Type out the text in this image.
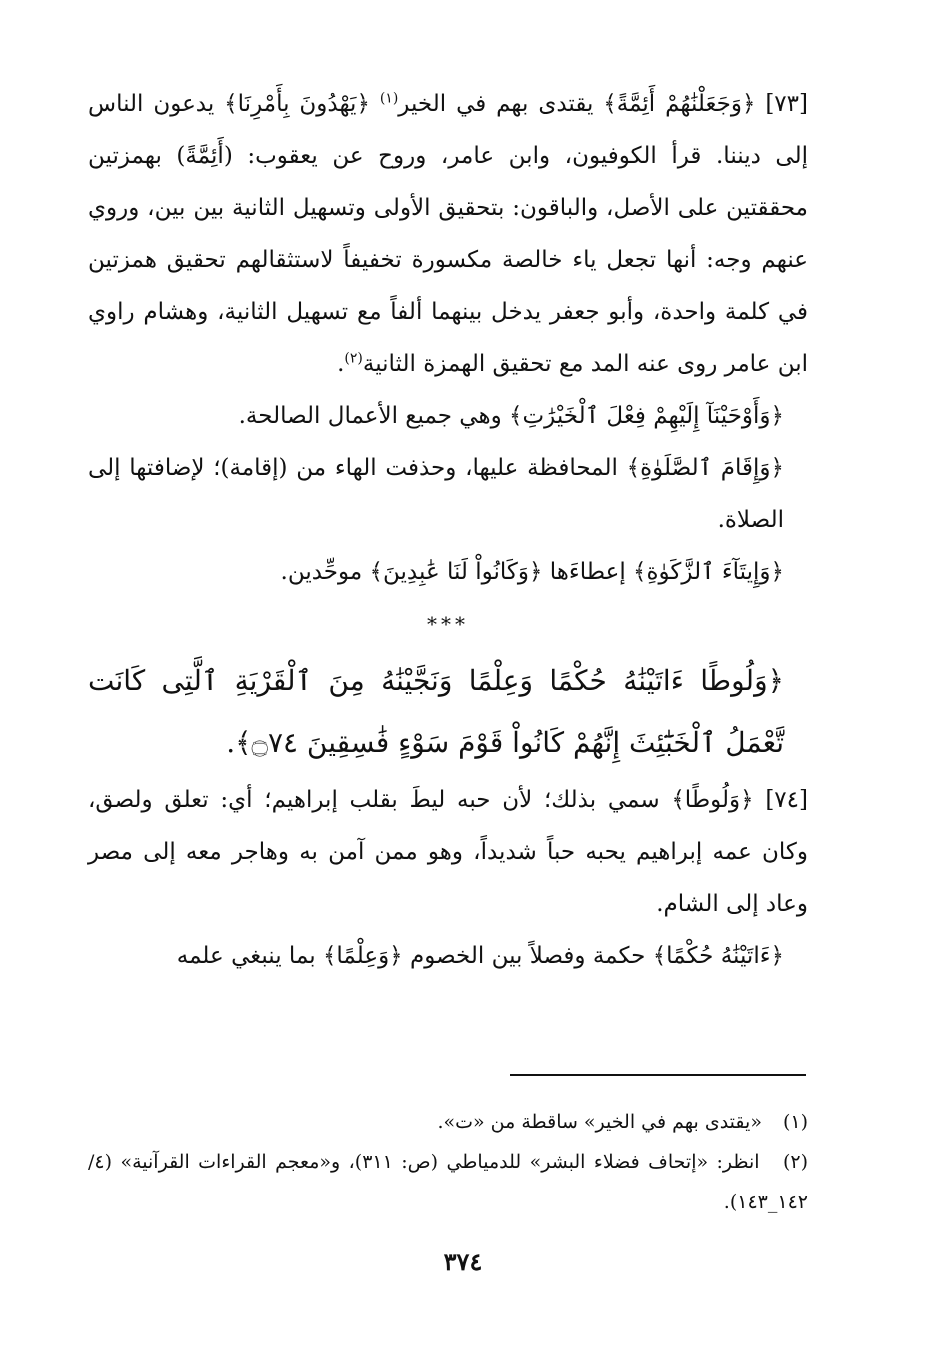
[٧٣] ﴿وَجَعَلْنَٰهُمْ أَئِمَّةً﴾ يقتدى بهم في الخير$^{(١)}$ ﴿يَهْدُونَ بِأَمْرِنَا﴾ يدعون الناس إلى ديننا. قرأ الكوفيون، وابن عامر، وروح عن يعقوب: (أَئِمَّةً) بهمزتين محققتين على الأصل، والباقون: بتحقيق الأولى وتسهيل الثانية بين بين، وروي عنهم وجه: أنها تجعل ياء خالصة مكسورة تخفيفاً لاستثقالهم تحقيق همزتين في كلمة واحدة، وأبو جعفر يدخل بينهما ألفاً مع تسهيل الثانية، وهشام راوي ابن عامر روى عنه المد مع تحقيق الهمزة الثانية$^{(٢)}$.

﴿وَأَوْحَيْنَآ إِلَيْهِمْ فِعْلَ ٱلْخَيْرَٰتِ﴾ وهي جميع الأعمال الصالحة.

﴿وَإِقَامَ ٱلصَّلَوٰةِ﴾ المحافظة عليها، وحذفت الهاء من (إقامة)؛ لإضافتها إلى الصلاة.

﴿وَإِيتَآءَ ٱلزَّكَوٰةِ﴾ إعطاءَها ﴿وَكَانُواْ لَنَا عَٰبِدِينَ﴾ موحِّدين.

***

﴿وَلُوطًا ءَاتَيْنَٰهُ حُكْمًا وَعِلْمًا وَنَجَّيْنَٰهُ مِنَ ٱلْقَرْيَةِ ٱلَّتِى كَانَت تَّعْمَلُ ٱلْخَبَٰٓئِثَ إِنَّهُمْ كَانُواْ قَوْمَ سَوْءٍ فَٰسِقِينَ ۝٧٤﴾.

[٧٤] ﴿وَلُوطًا﴾ سمي بذلك؛ لأن حبه ليطَ بقلب إبراهيم؛ أي: تعلق ولصق، وكان عمه إبراهيم يحبه حباً شديداً، وهو ممن آمن به وهاجر معه إلى مصر وعاد إلى الشام.

﴿ءَاتَيْنَٰهُ حُكْمًا﴾ حكمة وفصلاً بين الخصوم ﴿وَعِلْمًا﴾ بما ينبغي علمه

(١) «يقتدى بهم في الخير» ساقطة من «ت».

(٢) انظر: «إتحاف فضلاء البشر» للدمياطي (ص: ٣١١)، و«معجم القراءات القرآنية» (٤/ ١٤٢_١٤٣).

٣٧٤
